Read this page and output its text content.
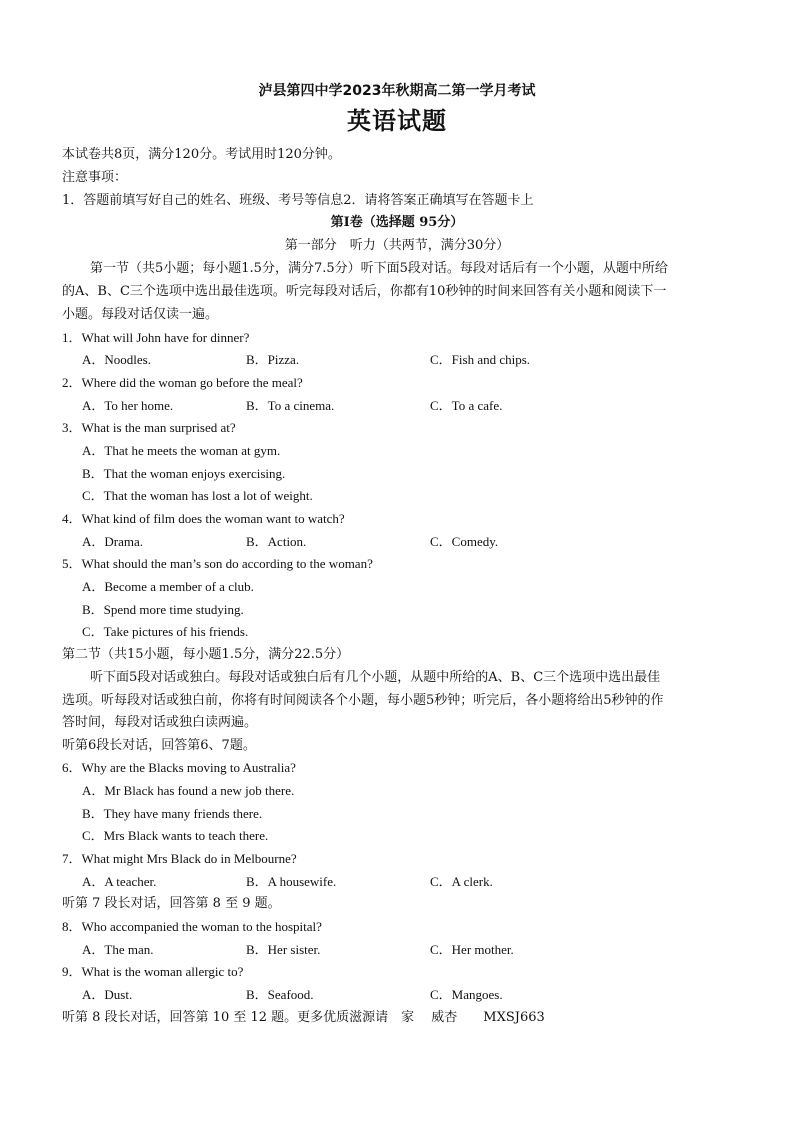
泸县第四中学2023年秋期高二第一学月考试
英语试题
本试卷共8页，满分120分。考试用时120分钟。
注意事项：
1．答题前填写好自己的姓名、班级、考号等信息2．请将答案正确填写在答题卡上
第Ⅰ卷（选择题 95分）
第一部分　听力（共两节，满分30分）
第一节（共5小题；每小题1.5分，满分7.5分）听下面5段对话。每段对话后有一个小题，从题中所给
的A、B、C三个选项中选出最佳选项。听完每段对话后，你都有10秒钟的时间来回答有关小题和阅读下一
小题。每段对话仅读一遍。
1．What will John have for dinner?
A．Noodles.	B．Pizza.	C．Fish and chips.
2．Where did the woman go before the meal?
A．To her home.	B．To a cinema.	C．To a cafe.
3．What is the man surprised at?
A．That he meets the woman at gym.
B．That the woman enjoys exercising.
C．That the woman has lost a lot of weight.
4．What kind of film does the woman want to watch?
A．Drama.	B．Action.	C．Comedy.
5．What should the man’s son do according to the woman?
A．Become a member of a club.
B．Spend more time studying.
C．Take pictures of his friends.
第二节（共15小题，每小题1.5分，满分22.5分）
听下面5段对话或独白。每段对话或独白后有几个小题，从题中所给的A、B、C三个选项中选出最佳
选项。听每段对话或独白前，你将有时间阅读各个小题，每小题5秒钟；听完后，各小题将给出5秒钟的作
答时间，每段对话或独白读两遍。
听第6段长对话，回答第6、7题。
6．Why are the Blacks moving to Australia?
A．Mr Black has found a new job there.
B．They have many friends there.
C．Mrs Black wants to teach there.
7．What might Mrs Black do in Melbourne?
A．A teacher.	B．A housewife.	C．A clerk.
听第 7 段长对话，回答第 8 至 9 题。
8．Who accompanied the woman to the hospital?
A．The man.	B．Her sister.	C．Her mother.
9．What is the woman allergic to?
A．Dust.	B．Seafood.	C．Mangoes.
听第 8 段长对话，回答第 10 至 12 题。更多优质滋源请　家　 威杏　　MXSJ663
